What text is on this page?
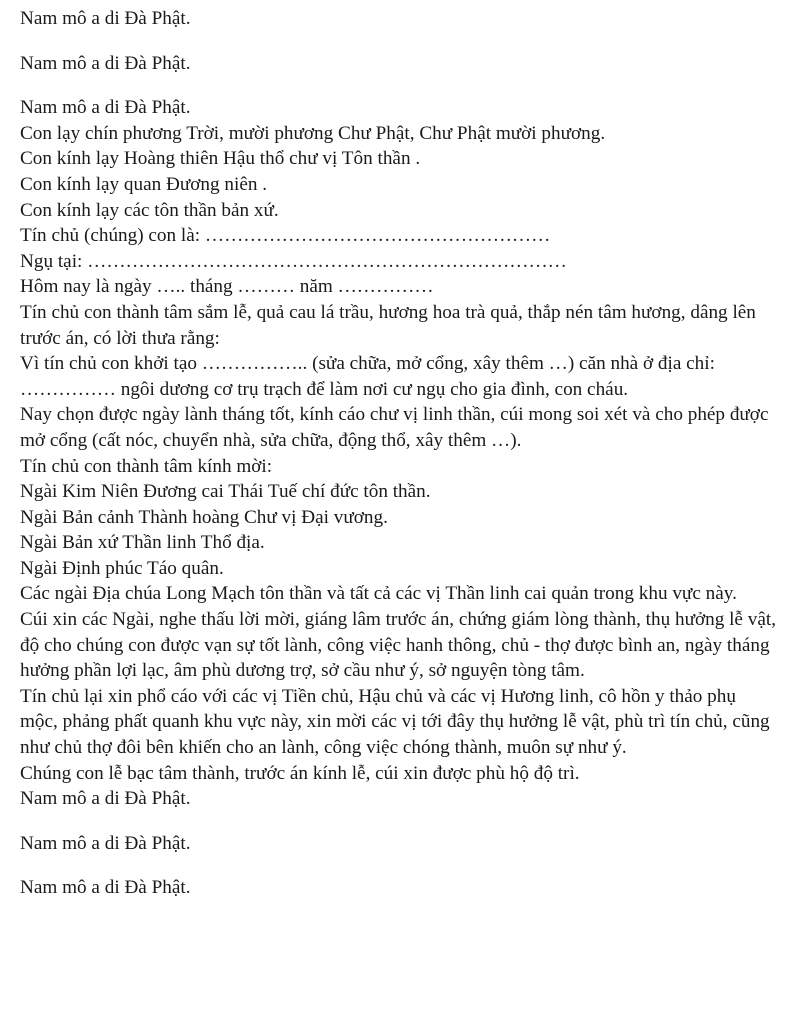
Nam mô a di Đà Phật.
Nam mô a di Đà Phật.
Nam mô a di Đà Phật.
Con lạy chín phương Trời, mười phương Chư Phật, Chư Phật mười phương.
Con kính lạy Hoàng thiên Hậu thổ chư vị Tôn thần .
Con kính lạy quan Đương niên .
Con kính lạy các tôn thần bản xứ.
Tín chủ (chúng) con là: ………………………………………………
Ngụ tại: …………………………………………………………………
Hôm nay là ngày ….. tháng ……… năm ……………
Tín chủ con thành tâm sắm lễ, quả cau lá trầu, hương hoa trà quả, thắp nén tâm hương, dâng lên trước án, có lời thưa rằng:
Vì tín chủ con khởi tạo …………….. (sửa chữa, mở cổng, xây thêm …) căn nhà ở địa chỉ: …………… ngôi dương cơ trụ trạch để làm nơi cư ngụ cho gia đình, con cháu.
Nay chọn được ngày lành tháng tốt, kính cáo chư vị linh thần, cúi mong soi xét và cho phép được mở cổng (cất nóc, chuyển nhà, sửa chữa, động thổ, xây thêm …).
Tín chủ con thành tâm kính mời:
Ngài Kim Niên Đương cai Thái Tuế chí đức tôn thần.
Ngài Bản cảnh Thành hoàng Chư vị Đại vương.
Ngài Bản xứ Thần linh Thổ địa.
Ngài Định phúc Táo quân.
Các ngài Địa chúa Long Mạch tôn thần và tất cả các vị Thần linh cai quản trong khu vực này.
Cúi xin các Ngài, nghe thấu lời mời, giáng lâm trước án, chứng giám lòng thành, thụ hưởng lễ vật, độ cho chúng con được vạn sự tốt lành, công việc hanh thông, chủ - thợ được bình an, ngày tháng hưởng phần lợi lạc, âm phù dương trợ, sở cầu như ý, sở nguyện tòng tâm.
Tín chủ lại xin phổ cáo với các vị Tiền chủ, Hậu chủ và các vị Hương linh, cô hồn y thảo phụ mộc, phảng phất quanh khu vực này, xin mời các vị tới đây thụ hưởng lễ vật, phù trì tín chủ, cũng như chủ thợ đôi bên khiến cho an lành, công việc chóng thành, muôn sự như ý.
Chúng con lễ bạc tâm thành, trước án kính lễ, cúi xin được phù hộ độ trì.
Nam mô a di Đà Phật.
Nam mô a di Đà Phật.
Nam mô a di Đà Phật.
